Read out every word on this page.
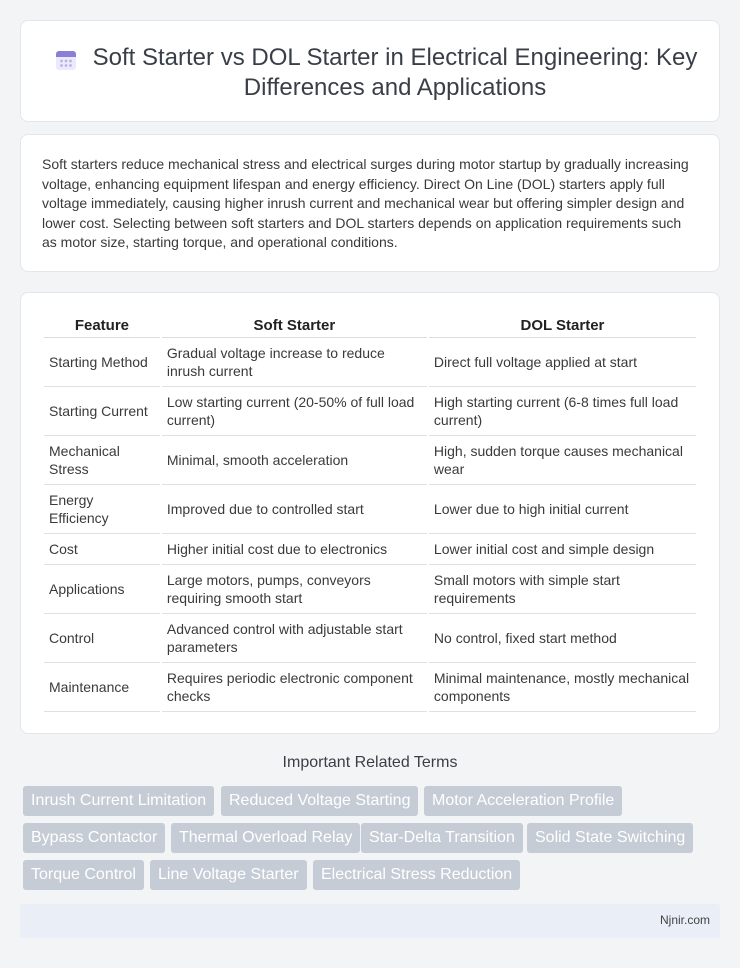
Soft Starter vs DOL Starter in Electrical Engineering: Key Differences and Applications

Soft starters reduce mechanical stress and electrical surges during motor startup by gradually increasing voltage, enhancing equipment lifespan and energy efficiency. Direct On Line (DOL) starters apply full voltage immediately, causing higher inrush current and mechanical wear but offering simpler design and lower cost. Selecting between soft starters and DOL starters depends on application requirements such as motor size, starting torque, and operational conditions.

Feature	Soft Starter	DOL Starter
Starting Method	Gradual voltage increase to reduce inrush current	Direct full voltage applied at start
Starting Current	Low starting current (20-50% of full load current)	High starting current (6-8 times full load current)
Mechanical Stress	Minimal, smooth acceleration	High, sudden torque causes mechanical wear
Energy Efficiency	Improved due to controlled start	Lower due to high initial current
Cost	Higher initial cost due to electronics	Lower initial cost and simple design
Applications	Large motors, pumps, conveyors requiring smooth start	Small motors with simple start requirements
Control	Advanced control with adjustable start parameters	No control, fixed start method
Maintenance	Requires periodic electronic component checks	Minimal maintenance, mostly mechanical components
Important Related Terms
Inrush Current Limitation	Reduced Voltage Starting	Motor Acceleration Profile
Bypass Contactor	Thermal Overload Relay	Star-Delta Transition	Solid State Switching
Torque Control	Line Voltage Starter	Electrical Stress Reduction
Njnir.com
